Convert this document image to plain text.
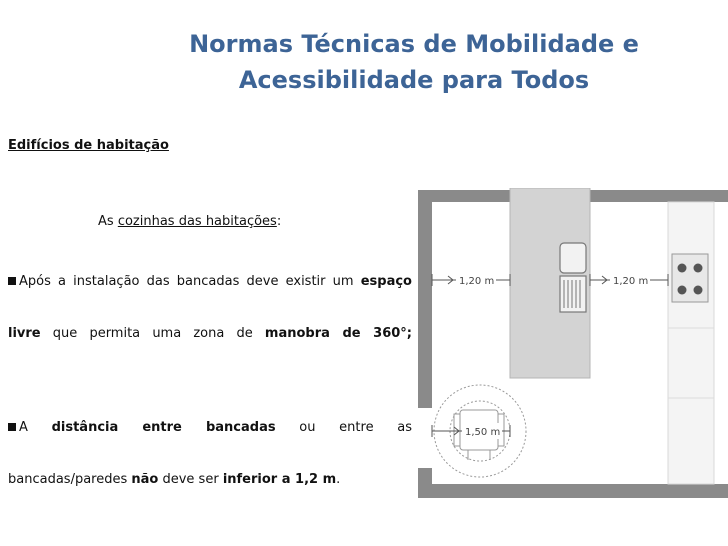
Normas Técnicas de Mobilidade e
Acessibilidade para Todos
Edifícios de habitação
As cozinhas das habitações:
Após a instalação das bancadas deve existir um espaço livre que permita uma zona de manobra de 360°;
A distância entre bancadas ou entre as bancadas/paredes não deve ser inferior a 1,2 m.
1,20 m	1,20 m
1,50 m
